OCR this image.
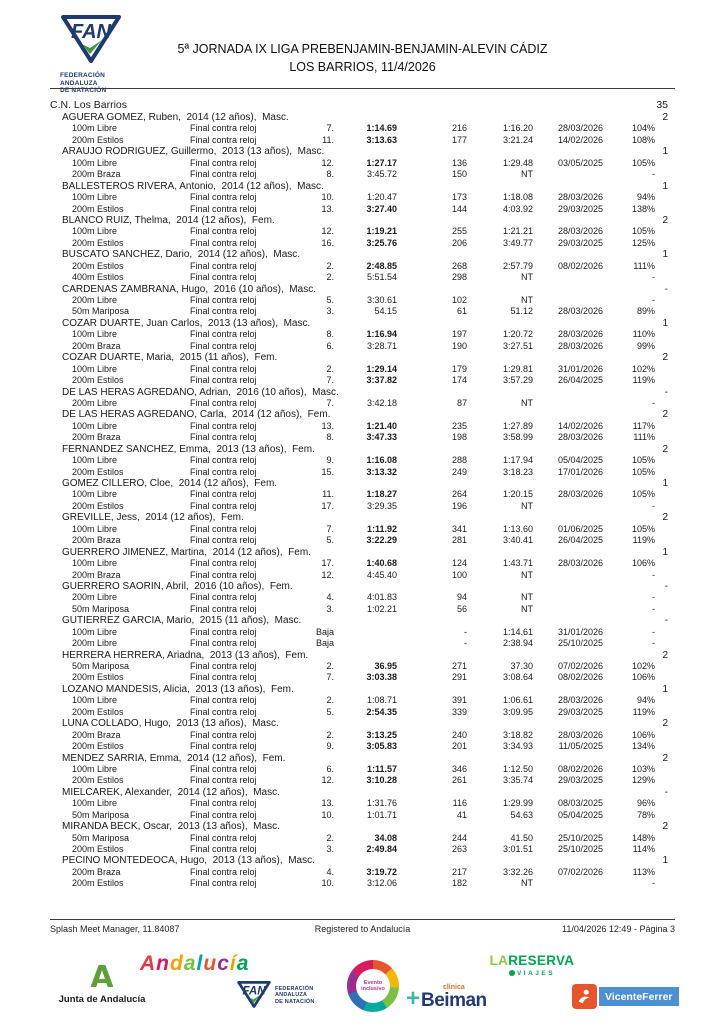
FAN
FEDERACIÓN
ANDALUZA
DE NATACIÓN
5ª JORNADA IX LIGA PREBENJAMIN-BENJAMIN-ALEVIN CÁDIZ
LOS BARRIOS, 11/4/2026
C.N. Los Barrios	35
AGUERA GOMEZ, Ruben,  2014 (12 años),  Masc.	2
100m Libre	Final contra reloj	7.	1:14.69	216	1:16.20	28/03/2026	104%
200m Estilos	Final contra reloj	11.	3:13.63	177	3:21.24	14/02/2026	108%
ARAUJO RODRIGUEZ, Guillermo,  2013 (13 años),  Masc.	1
100m Libre	Final contra reloj	12.	1:27.17	136	1:29.48	03/05/2025	105%
200m Braza	Final contra reloj	8.	3:45.72	150	NT	-
BALLESTEROS RIVERA, Antonio,  2014 (12 años),  Masc.	1
100m Libre	Final contra reloj	10.	1:20.47	173	1:18.08	28/03/2026	94%
200m Estilos	Final contra reloj	13.	3:27.40	144	4:03.92	29/03/2025	138%
BLANCO RUIZ, Thelma,  2014 (12 años),  Fem.	2
100m Libre	Final contra reloj	12.	1:19.21	255	1:21.21	28/03/2026	105%
200m Estilos	Final contra reloj	16.	3:25.76	206	3:49.77	29/03/2025	125%
BUSCATO SANCHEZ, Dario,  2014 (12 años),  Masc.	1
200m Estilos	Final contra reloj	2.	2:48.85	268	2:57.79	08/02/2026	111%
400m Estilos	Final contra reloj	2.	5:51.54	298	NT	-
CARDENAS ZAMBRANA, Hugo,  2016 (10 años),  Masc.	-
200m Libre	Final contra reloj	5.	3:30.61	102	NT	-
50m Mariposa	Final contra reloj	3.	54.15	61	51.12	28/03/2026	89%
COZAR DUARTE, Juan Carlos,  2013 (13 años),  Masc.	1
100m Libre	Final contra reloj	8.	1:16.94	197	1:20.72	28/03/2026	110%
200m Braza	Final contra reloj	6.	3:28.71	190	3:27.51	28/03/2026	99%
COZAR DUARTE, Maria,  2015 (11 años),  Fem.	2
100m Libre	Final contra reloj	2.	1:29.14	179	1:29.81	31/01/2026	102%
200m Estilos	Final contra reloj	7.	3:37.82	174	3:57.29	26/04/2025	119%
DE LAS HERAS AGREDANO, Adrian,  2016 (10 años),  Masc.	-
200m Libre	Final contra reloj	7.	3:42.18	87	NT	-
DE LAS HERAS AGREDANO, Carla,  2014 (12 años),  Fem.	2
100m Libre	Final contra reloj	13.	1:21.40	235	1:27.89	14/02/2026	117%
200m Braza	Final contra reloj	8.	3:47.33	198	3:58.99	28/03/2026	111%
FERNANDEZ SANCHEZ, Emma,  2013 (13 años),  Fem.	2
100m Libre	Final contra reloj	9.	1:16.08	288	1:17.94	05/04/2025	105%
200m Estilos	Final contra reloj	15.	3:13.32	249	3:18.23	17/01/2026	105%
GOMEZ CILLERO, Cloe,  2014 (12 años),  Fem.	1
100m Libre	Final contra reloj	11.	1:18.27	264	1:20.15	28/03/2026	105%
200m Estilos	Final contra reloj	17.	3:29.35	196	NT	-
GREVILLE, Jess,  2014 (12 años),  Fem.	2
100m Libre	Final contra reloj	7.	1:11.92	341	1:13.60	01/06/2025	105%
200m Braza	Final contra reloj	5.	3:22.29	281	3:40.41	26/04/2025	119%
GUERRERO JIMENEZ, Martina,  2014 (12 años),  Fem.	1
100m Libre	Final contra reloj	17.	1:40.68	124	1:43.71	28/03/2026	106%
200m Braza	Final contra reloj	12.	4:45.40	100	NT	-
GUERRERO SAORIN, Abril,  2016 (10 años),  Fem.	-
200m Libre	Final contra reloj	4.	4:01.83	94	NT	-
50m Mariposa	Final contra reloj	3.	1:02.21	56	NT	-
GUTIERREZ GARCIA, Mario,  2015 (11 años),  Masc.	-
100m Libre	Final contra reloj	Baja	-	1:14.61	31/01/2026	-
200m Libre	Final contra reloj	Baja	-	2:38.94	25/10/2025	-
HERRERA HERRERA, Ariadna,  2013 (13 años),  Fem.	2
50m Mariposa	Final contra reloj	2.	36.95	271	37.30	07/02/2026	102%
200m Estilos	Final contra reloj	7.	3:03.38	291	3:08.64	08/02/2026	106%
LOZANO MANDESIS, Alicia,  2013 (13 años),  Fem.	1
100m Libre	Final contra reloj	2.	1:08.71	391	1:06.61	28/03/2026	94%
200m Estilos	Final contra reloj	5.	2:54.35	339	3:09.95	29/03/2025	119%
LUNA COLLADO, Hugo,  2013 (13 años),  Masc.	2
200m Braza	Final contra reloj	2.	3:13.25	240	3:18.82	28/03/2026	106%
200m Estilos	Final contra reloj	9.	3:05.83	201	3:34.93	11/05/2025	134%
MENDEZ SARRIA, Emma,  2014 (12 años),  Fem.	2
100m Libre	Final contra reloj	6.	1:11.57	346	1:12.50	08/02/2026	103%
200m Estilos	Final contra reloj	12.	3:10.28	261	3:35.74	29/03/2025	129%
MIELCAREK, Alexander,  2014 (12 años),  Masc.	-
100m Libre	Final contra reloj	13.	1:31.76	116	1:29.99	08/03/2025	96%
50m Mariposa	Final contra reloj	10.	1:01.71	41	54.63	05/04/2025	78%
MIRANDA BECK, Oscar,  2013 (13 años),  Masc.	2
50m Mariposa	Final contra reloj	2.	34.08	244	41.50	25/10/2025	148%
200m Estilos	Final contra reloj	3.	2:49.84	263	3:01.51	25/10/2025	114%
PECINO MONTEDEOCA, Hugo,  2013 (13 años),  Masc.	1
200m Braza	Final contra reloj	4.	3:19.72	217	3:32.26	07/02/2026	113%
200m Estilos	Final contra reloj	10.	3:12.06	182	NT	-
Splash Meet Manager, 11.84087	Registered to Andalucía	11/04/2026 12:49 - Página 3
A
Junta de Andalucía
Andalucía
FAN FEDERACIÓN
ANDALUZA
DE NATACIÓN
Evento inclusivo +	clínica
Beiman
LARESERVA
VIAJES
VicenteFerrer
